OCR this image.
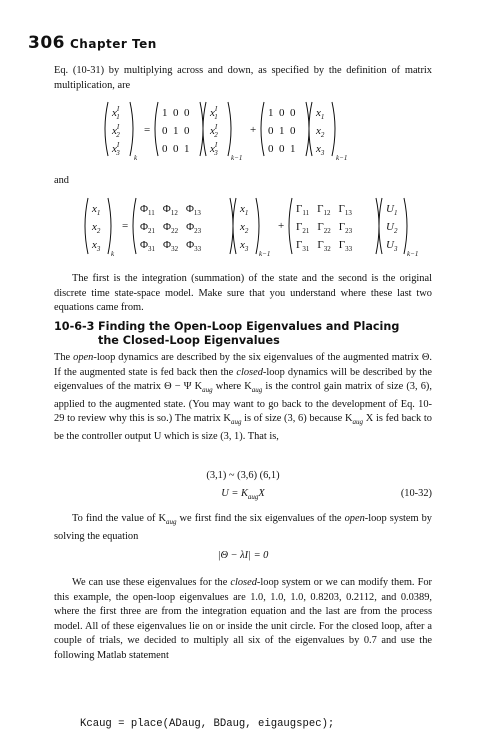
306 Chapter Ten

Eq. (10-31) by multiplying across and down, as specified by the definition of matrix multiplication, are

$x^I$ 1
$x^I$ 2
$x^I$ 3
k
=
1  0  0
0  1  0
0  0  1
$x^I$ 1
$x^I$ 2
$x^I$ 3
k−1
+
1  0  0
0  1  0
0  0  1
$x_1$
$x_2$
$x_3$
k−1

and

$x_1$
$x_2$
$x_3$
k
=
$\Phi_{11}$ $\Phi_{12}$ $\Phi_{13}$
$\Phi_{21}$ $\Phi_{22}$ $\Phi_{23}$
$\Phi_{31}$ $\Phi_{32}$ $\Phi_{33}$
$x_1$
$x_2$
$x_3$
k−1
+
$\Gamma_{11}$ $\Gamma_{12}$ $\Gamma_{13}$
$\Gamma_{21}$ $\Gamma_{22}$ $\Gamma_{23}$
$\Gamma_{31}$ $\Gamma_{32}$ $\Gamma_{33}$
$U_1$
$U_2$
$U_3$
k−1

The first is the integration (summation) of the state and the second is the original discrete time state-space model. Make sure that you understand where these last two equations came from.

10-6-3 Finding the Open-Loop Eigenvalues and Placing
the Closed-Loop Eigenvalues

The open-loop dynamics are described by the six eigenvalues of the augmented matrix Θ. If the augmented state is fed back then the closed-loop dynamics will be described by the eigenvalues of the matrix Θ − Ψ $K_{aug}$ where $K_{aug}$ is the control gain matrix of size (3, 6), applied to the augmented state. (You may want to go back to the development of Eq. 10-29 to review why this is so.) The matrix $K_{aug}$ is of size (3, 6) because $K_{aug}$ X is fed back to be the controller output U which is size (3, 1). That is,

(3,1) ~ (3,6) (6,1)
$U = K_{aug}X$	(10-32)

To find the value of $K_{aug}$ we first find the six eigenvalues of the open-loop system by solving the equation

|Θ − λI| = 0

We can use these eigenvalues for the closed-loop system or we can modify them. For this example, the open-loop eigenvalues are 1.0, 1.0, 1.0, 0.8203, 0.2112, and 0.0389, where the first three are from the integration equation and the last are from the process model. All of these eigenvalues lie on or inside the unit circle. For the closed loop, after a couple of trials, we decided to multiply all six of the eigenvalues by 0.7 and use the following Matlab statement

Kcaug = place(ADaug, BDaug, eigaugspec);
